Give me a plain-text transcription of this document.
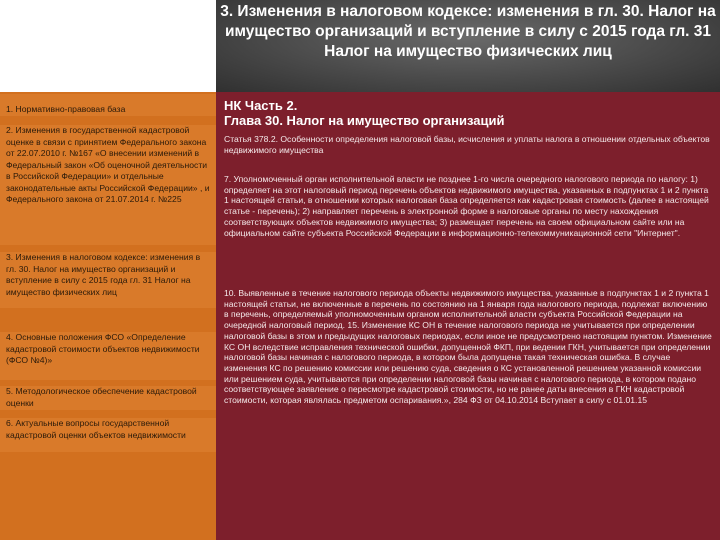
3. Изменения в налоговом кодексе: изменения в гл. 30. Налог на имущество организаций и вступление в силу с 2015 года гл. 31 Налог на имущество физических лиц

1. Нормативно-правовая база
2. Изменения в государственной кадастровой оценке в связи с принятием Федерального закона от 22.07.2010 г. №167 «О внесении изменений в Федеральный закон «Об оценочной деятельности в Российской Федерации» и отдельные законодательные акты Российской Федерации» , и Федерального закона от 21.07.2014 г. №225
3. Изменения в налоговом кодексе: изменения в гл. 30. Налог на имущество организаций и вступление в силу с 2015 года гл. 31 Налог на имущество физических лиц
4. Основные положения ФСО «Определение кадастровой стоимости объектов недвижимости (ФСО №4)»
5. Методологическое обеспечение кадастровой оценки
6. Актуальные вопросы государственной кадастровой оценки объектов недвижимости
НК Часть 2.
Глава 30. Налог на имущество организаций

Статья 378.2. Особенности определения налоговой базы, исчисления и уплаты налога в отношении отдельных объектов недвижимого имущества

7. Уполномоченный орган исполнительной власти не позднее 1-го числа очередного налогового периода по налогу: 1) определяет на этот налоговый период перечень объектов недвижимого имущества, указанных в подпунктах 1 и 2 пункта 1 настоящей статьи, в отношении которых налоговая база определяется как кадастровая стоимость (далее в настоящей статье - перечень); 2) направляет перечень в электронной форме в налоговые органы по месту нахождения соответствующих объектов недвижимого имущества; 3) размещает перечень на своем официальном сайте или на официальном сайте субъекта Российской Федерации в информационно-телекоммуникационной сети "Интернет".

10. Выявленные в течение налогового периода объекты недвижимого имущества, указанные в подпунктах 1 и 2 пункта 1 настоящей статьи, не включенные в перечень по состоянию на 1 января года налогового периода, подлежат включению в перечень, определяемый уполномоченным органом исполнительной власти субъекта Российской Федерации на очередной налоговый период. 15. Изменение КС ОН в течение налогового периода не учитывается при определении налоговой базы в этом и предыдущих налоговых периодах, если иное не предусмотрено настоящим пунктом. Изменение КС ОН вследствие исправления технической ошибки, допущенной ФКП, при ведении ГКН, учитывается при определении налоговой базы начиная с налогового периода, в котором была допущена такая техническая ошибка. В случае изменения КС по решению комиссии или решению суда, сведения о КС установленной решением указанной комиссии или решением суда, учитываются при определении налоговой базы начиная с налогового периода, в котором подано соответствующее заявление о пересмотре кадастровой стоимости, но не ранее даты внесения в ГКН кадастровой стоимости, которая являлась предметом оспаривания.», 284 ФЗ от 04.10.2014 Вступает в силу с 01.01.15
